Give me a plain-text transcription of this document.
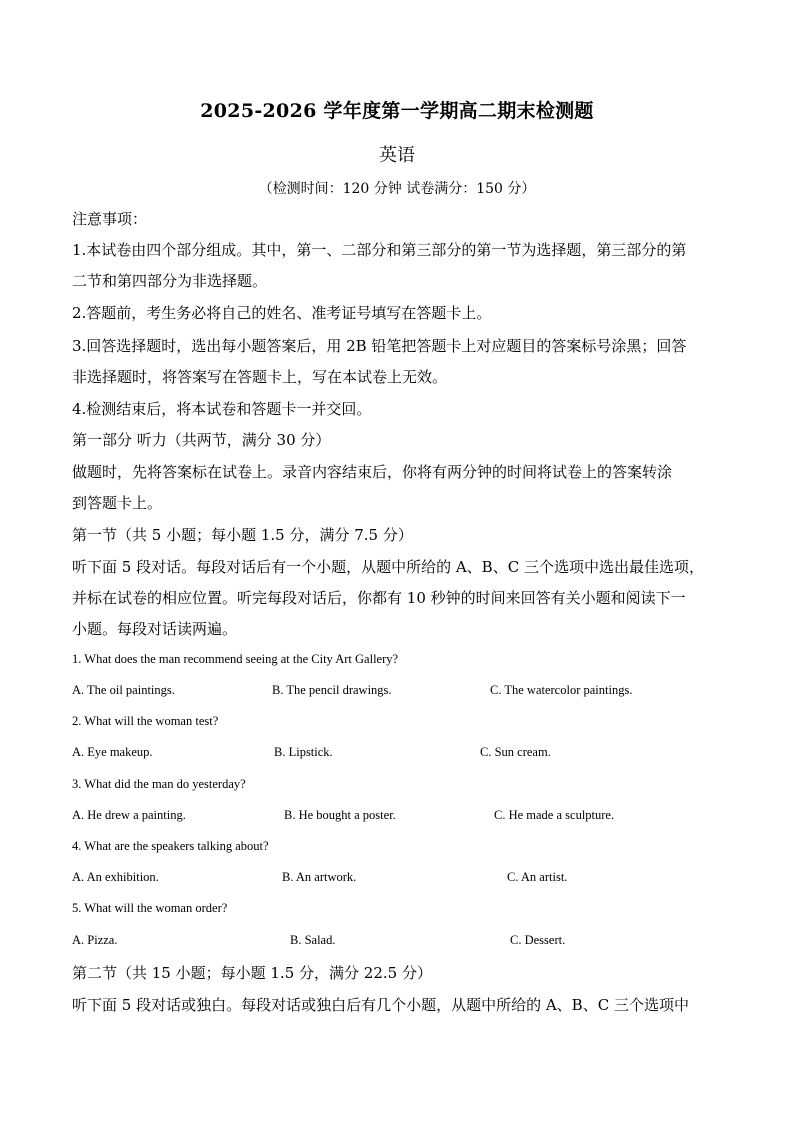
2025-2026 学年度第一学期高二期末检测题
英语
（检测时间：120 分钟 试卷满分：150 分）
注意事项：
1.本试卷由四个部分组成。其中，第一、二部分和第三部分的第一节为选择题，第三部分的第
二节和第四部分为非选择题。
2.答题前，考生务必将自己的姓名、准考证号填写在答题卡上。
3.回答选择题时，选出每小题答案后，用 2B 铅笔把答题卡上对应题目的答案标号涂黑；回答
非选择题时，将答案写在答题卡上，写在本试卷上无效。
4.检测结束后，将本试卷和答题卡一并交回。
第一部分 听力（共两节，满分 30 分）
做题时，先将答案标在试卷上。录音内容结束后，你将有两分钟的时间将试卷上的答案转涂
到答题卡上。
第一节（共 5 小题；每小题 1.5 分，满分 7.5 分）
听下面 5 段对话。每段对话后有一个小题，从题中所给的 A、B、C 三个选项中选出最佳选项，
并标在试卷的相应位置。听完每段对话后，你都有 10 秒钟的时间来回答有关小题和阅读下一
小题。每段对话读两遍。
1. What does the man recommend seeing at the City Art Gallery?
A. The oil paintings.	B. The pencil drawings.	C. The watercolor paintings.
2. What will the woman test?
A. Eye makeup.	B. Lipstick.	C. Sun cream.
3. What did the man do yesterday?
A. He drew a painting.	B. He bought a poster.	C. He made a sculpture.
4. What are the speakers talking about?
A. An exhibition.	B. An artwork.	C. An artist.
5. What will the woman order?
A. Pizza.	B. Salad.	C. Dessert.
第二节（共 15 小题；每小题 1.5 分，满分 22.5 分）
听下面 5 段对话或独白。每段对话或独白后有几个小题，从题中所给的 A、B、C 三个选项中
